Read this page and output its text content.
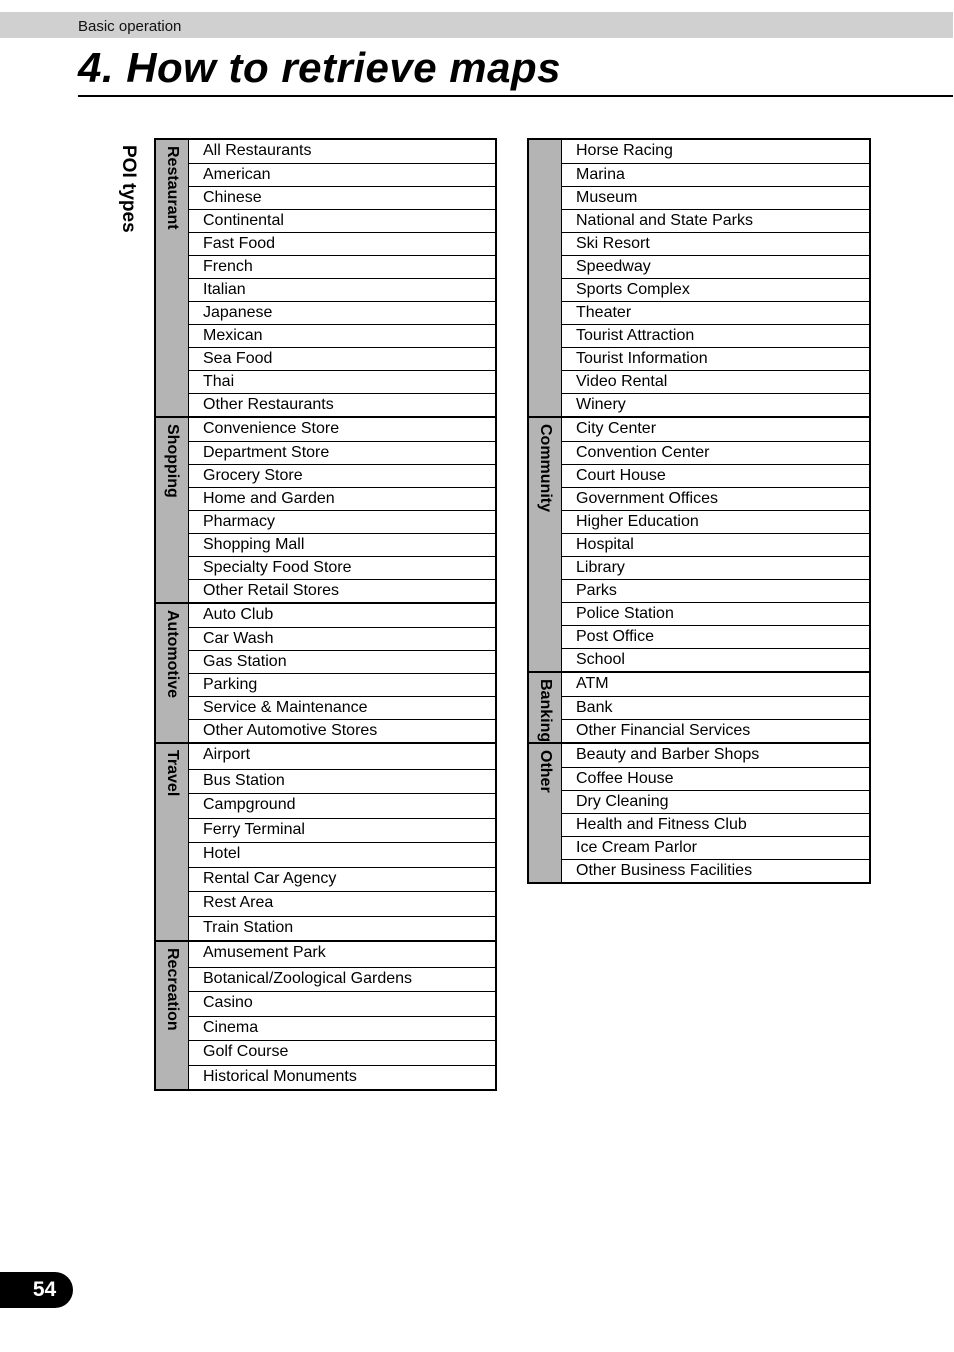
Basic operation
4. How to retrieve maps
POI types Restaurant	All Restaurants
American
Chinese
Continental
Fast Food
French
Italian
Japanese
Mexican
Sea Food
Thai
Other Restaurants
Shopping	Convenience Store
Department Store
Grocery Store
Home and Garden
Pharmacy
Shopping Mall
Specialty Food Store
Other Retail Stores
Automotive	Auto Club
Car Wash
Gas Station
Parking
Service & Maintenance
Other Automotive Stores
Travel	Airport
Bus Station
Campground
Ferry Terminal
Hotel
Rental Car Agency
Rest Area
Train Station
Recreation	Amusement Park
Botanical/Zoological Gardens
Casino
Cinema
Golf Course
Historical Monuments
Horse Racing
Marina
Museum
National and State Parks
Ski Resort
Speedway
Sports Complex
Theater
Tourist Attraction
Tourist Information
Video Rental
Winery
Community	City Center
Convention Center
Court House
Government Offices
Higher Education
Hospital
Library
Parks
Police Station
Post Office
School
Banking	ATM
Bank
Other Financial Services
Other	Beauty and Barber Shops
Coffee House
Dry Cleaning
Health and Fitness Club
Ice Cream Parlor
Other Business Facilities
54
